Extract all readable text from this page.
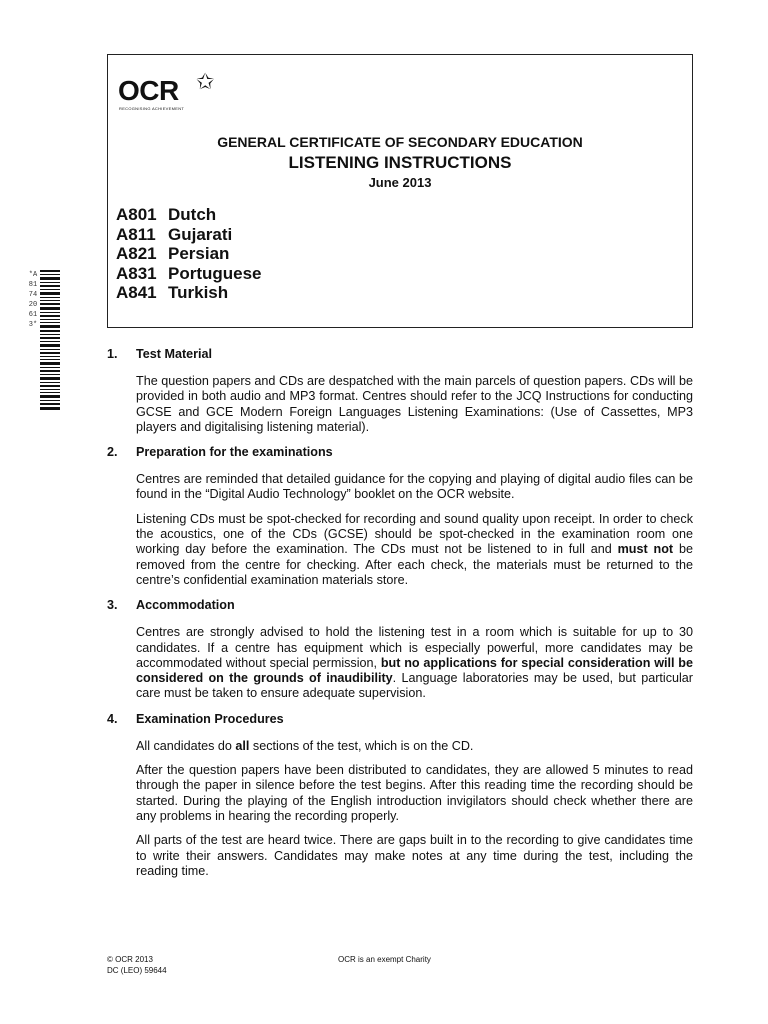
OCR ✩
RECOGNISING ACHIEVEMENT
GENERAL CERTIFICATE OF SECONDARY EDUCATION
LISTENING INSTRUCTIONS
June 2013
A801 Dutch
A811 Gujarati
A821 Persian
A831 Portuguese
A841 Turkish
*A817420613*
1.	Test Material

The question papers and CDs are despatched with the main parcels of question papers. CDs will be provided in both audio and MP3 format. Centres should refer to the JCQ Instructions for conducting GCSE and GCE Modern Foreign Languages Listening Examinations: (Use of Cassettes, MP3 players and digitalising listening material).

2.	Preparation for the examinations

Centres are reminded that detailed guidance for the copying and playing of digital audio files can be found in the “Digital Audio Technology” booklet on the OCR website.

Listening CDs must be spot-checked for recording and sound quality upon receipt. In order to check the acoustics, one of the CDs (GCSE) should be spot-checked in the examination room one working day before the examination. The CDs must not be listened to in full and must not be removed from the centre for checking. After each check, the materials must be returned to the centre’s confidential examination materials store.

3.	Accommodation

Centres are strongly advised to hold the listening test in a room which is suitable for up to 30 candidates. If a centre has equipment which is especially powerful, more candidates may be accommodated without special permission, but no applications for special consideration will be considered on the grounds of inaudibility. Language laboratories may be used, but particular care must be taken to ensure adequate supervision.

4.	Examination Procedures

All candidates do all sections of the test, which is on the CD.

After the question papers have been distributed to candidates, they are allowed 5 minutes to read through the paper in silence before the test begins. After this reading time the recording should be started. During the playing of the English introduction invigilators should check whether there are any problems in hearing the recording properly.

All parts of the test are heard twice. There are gaps built in to the recording to give candidates time to write their answers. Candidates may make notes at any time during the test, including the reading time.

© OCR 2013
DC (LEO) 59644
OCR is an exempt Charity
